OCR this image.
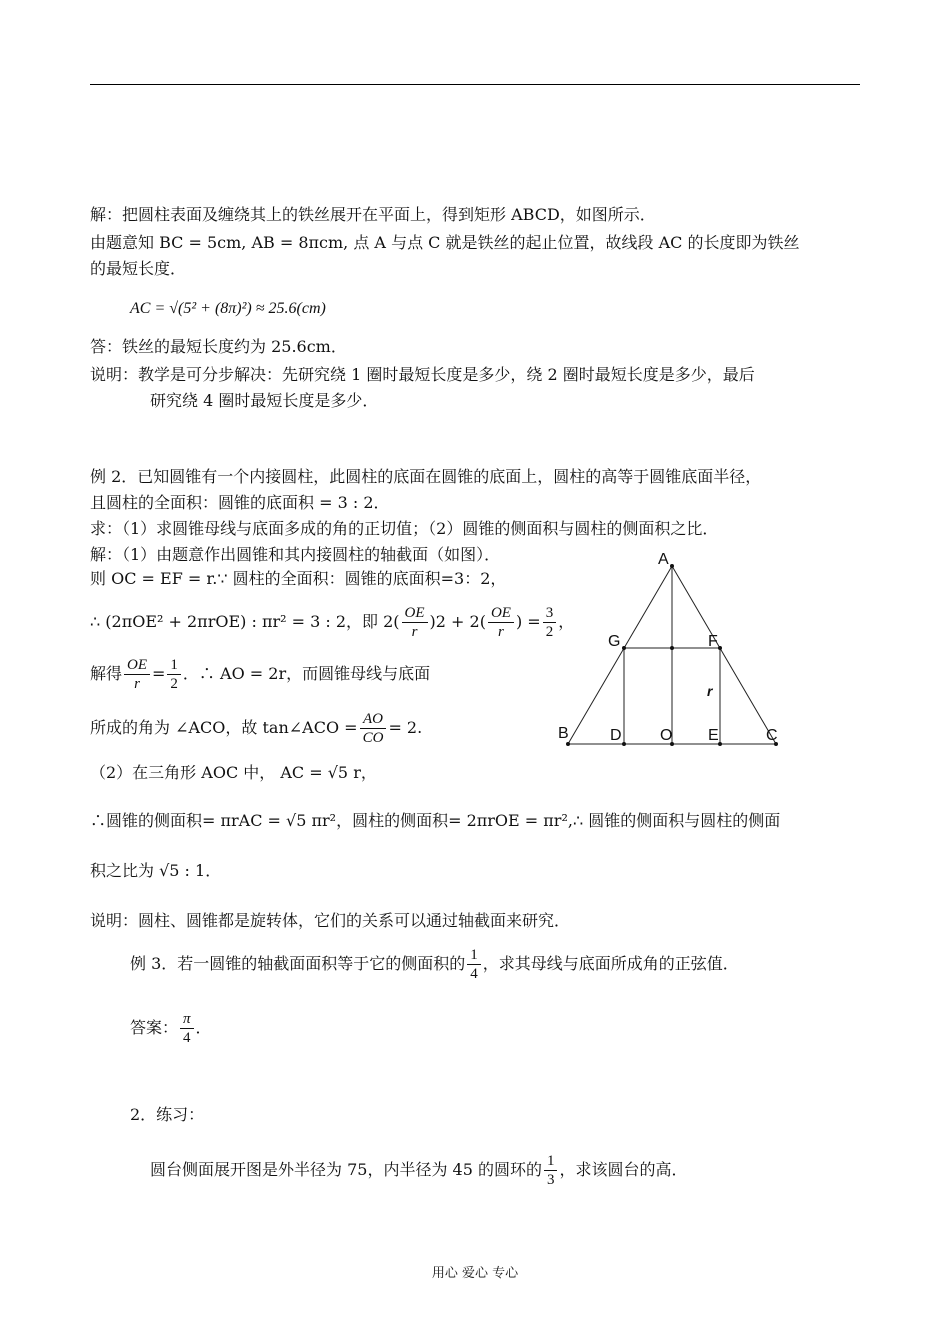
解：把圆柱表面及缠绕其上的铁丝展开在平面上，得到矩形 ABCD，如图所示．
由题意知 BC = 5cm, AB = 8πcm, 点 A 与点 C 就是铁丝的起止位置，故线段 AC 的长度即为铁丝
的最短长度．
AC = √(5² + (8π)²) ≈ 25.6(cm)
答：铁丝的最短长度约为 25.6cm．
说明：教学是可分步解决：先研究绕 1 圈时最短长度是多少，绕 2 圈时最短长度是多少，最后
研究绕 4 圈时最短长度是多少．
例 2．已知圆锥有一个内接圆柱，此圆柱的底面在圆锥的底面上，圆柱的高等于圆锥底面半径，
且圆柱的全面积：圆锥的底面积 = 3 : 2．
求：（1）求圆锥母线与底面多成的角的正切值；（2）圆锥的侧面积与圆柱的侧面积之比．
解：（1）由题意作出圆锥和其内接圆柱的轴截面（如图）．
则 OC = EF = r.∵ 圆柱的全面积：圆锥的底面积=3：2，
∴ (2πOE² + 2πrOE) : πr² = 3 : 2，即 $2( \frac{OE}{r} )2 + 2( \frac{OE}{r}$ ) = $\frac{3}{2}$ ，
解得 $\frac{OE}{r} = \frac{1}{2}$ ．∴ AO = 2r，而圆锥母线与底面
所成的角为 ∠ACO，故 tan∠ACO = $\frac{AO}{CO} = 2$.
（2）在三角形 AOC 中， AC = √5 r，
∴圆锥的侧面积= πrAC = √5 πr²，圆柱的侧面积= 2πrOE = πr²,∴ 圆锥的侧面积与圆柱的侧面
积之比为 √5 : 1．
说明：圆柱、圆锥都是旋转体，它们的关系可以通过轴截面来研究．
A
G	F
r
B	D O E	C
例 3．若一圆锥的轴截面面积等于它的侧面积的 $\frac{1}{4}$ ，求其母线与底面所成角的正弦值．
答案： $\frac{\pi}{4}$ ．
2．练习：
圆台侧面展开图是外半径为 75，内半径为 45 的圆环的 $\frac{1}{3}$ ，求该圆台的高．
用心 爱心 专心
